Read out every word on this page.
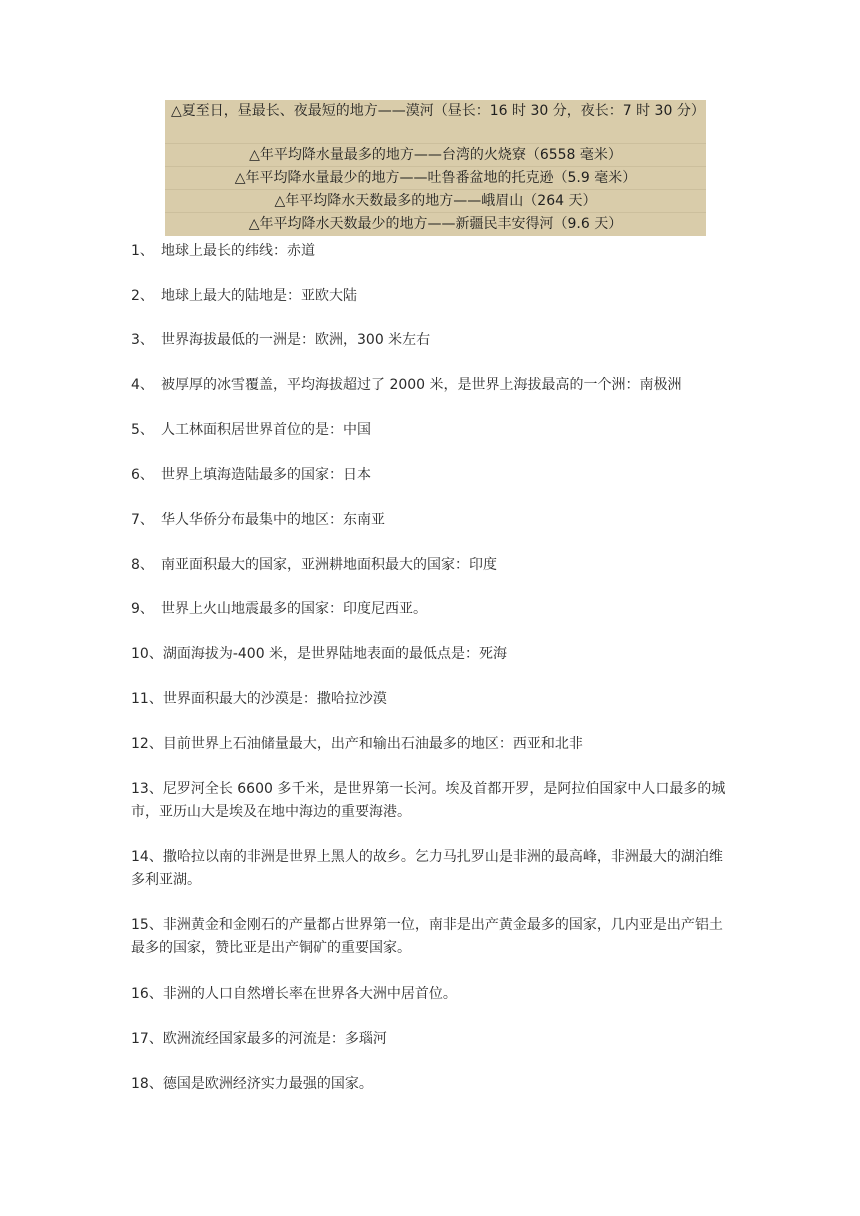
△夏至日，昼最长、夜最短的地方——漠河（昼长：16 时 30 分，夜长：7 时 30 分）
△年平均降水量最多的地方——台湾的火烧寮（6558 毫米）
△年平均降水量最少的地方——吐鲁番盆地的托克逊（5.9 毫米）
△年平均降水天数最多的地方——峨眉山（264 天）
△年平均降水天数最少的地方——新疆民丰安得河（9.6 天）

1、 地球上最长的纬线：赤道

2、 地球上最大的陆地是：亚欧大陆

3、 世界海拔最低的一洲是：欧洲，300 米左右

4、 被厚厚的冰雪覆盖，平均海拔超过了 2000 米，是世界上海拔最高的一个洲：南极洲

5、 人工林面积居世界首位的是：中国

6、 世界上填海造陆最多的国家：日本

7、 华人华侨分布最集中的地区：东南亚

8、 南亚面积最大的国家，亚洲耕地面积最大的国家：印度

9、 世界上火山地震最多的国家：印度尼西亚。

10、湖面海拔为-400 米，是世界陆地表面的最低点是：死海

11、世界面积最大的沙漠是：撒哈拉沙漠

12、目前世界上石油储量最大，出产和输出石油最多的地区：西亚和北非

13、尼罗河全长 6600 多千米，是世界第一长河。埃及首都开罗，是阿拉伯国家中人口最多的城市，亚历山大是埃及在地中海边的重要海港。

14、撒哈拉以南的非洲是世界上黑人的故乡。乞力马扎罗山是非洲的最高峰，非洲最大的湖泊维多利亚湖。

15、非洲黄金和金刚石的产量都占世界第一位，南非是出产黄金最多的国家，几内亚是出产铝土最多的国家，赞比亚是出产铜矿的重要国家。

16、非洲的人口自然增长率在世界各大洲中居首位。

17、欧洲流经国家最多的河流是：多瑙河

18、德国是欧洲经济实力最强的国家。
